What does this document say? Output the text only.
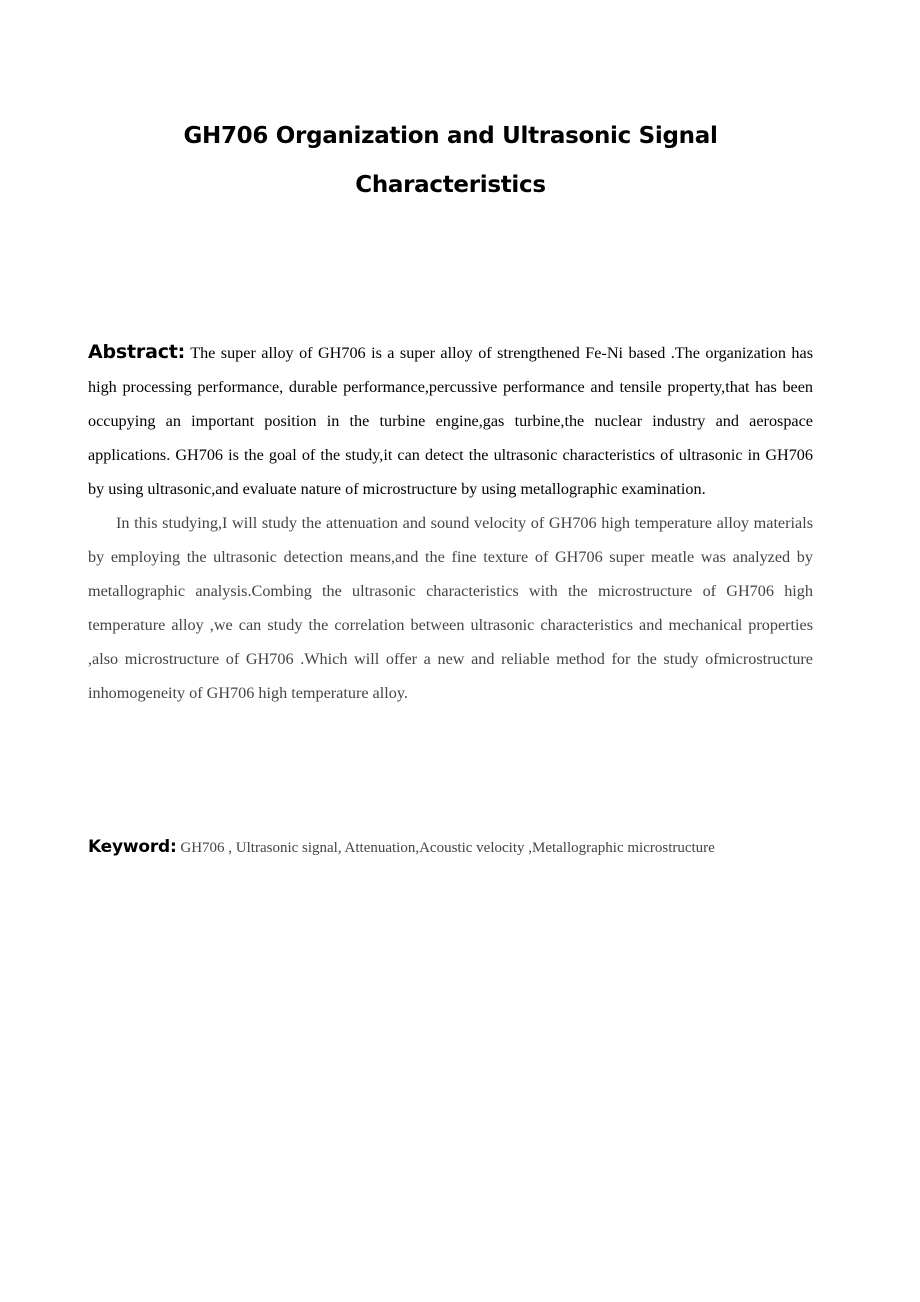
GH706 Organization and Ultrasonic Signal
Characteristics

Abstract: The super alloy of GH706 is a super alloy of strengthened Fe-Ni based .The organization has high processing performance, durable performance,percussive performance and tensile property,that has been occupying an important position in the turbine engine,gas turbine,the nuclear industry and aerospace applications. GH706 is the goal of the study,it can detect the ultrasonic characteristics of ultrasonic in GH706 by using ultrasonic,and evaluate nature of microstructure by using metallographic examination.

In this studying,I will study the attenuation and sound velocity of GH706 high temperature alloy materials by employing the ultrasonic detection means,and the fine texture of GH706 super meatle was analyzed by metallographic analysis.Combing the ultrasonic characteristics with the microstructure of GH706 high temperature alloy ,we can study the correlation between ultrasonic characteristics and mechanical properties ,also microstructure of GH706 .Which will offer a new and reliable method for the study ofmicrostructure inhomogeneity of GH706 high temperature alloy.

Keyword: GH706 , Ultrasonic signal, Attenuation,Acoustic velocity ,Metallographic microstructure
